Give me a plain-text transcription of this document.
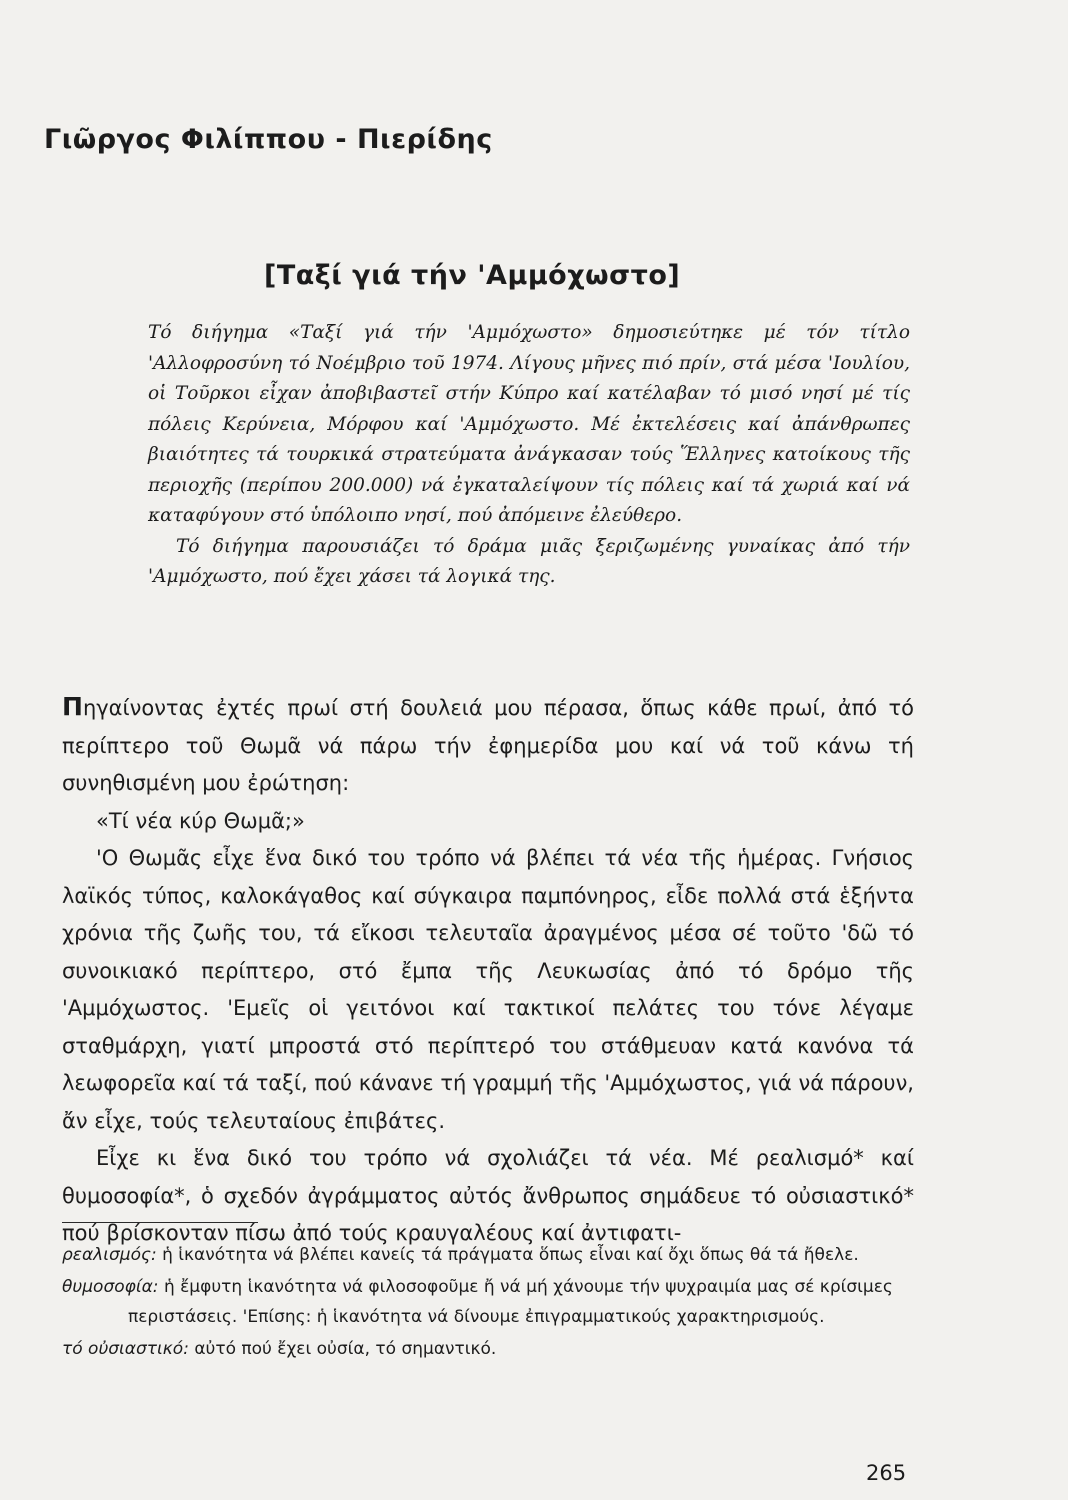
Γιῶργος Φιλίππου - Πιερίδης
[Ταξί γιά τήν 'Αμμόχωστο]

Τό διήγημα «Ταξί γιά τήν 'Αμμόχωστο» δημοσιεύτηκε μέ τόν τίτλο 'Αλλοφροσύνη τό Νοέμβριο τοῦ 1974. Λίγους μῆνες πιό πρίν, στά μέσα 'Ιουλίου, οἱ Τοῦρκοι εἶχαν ἀποβιβαστεῖ στήν Κύπρο καί κατέλαβαν τό μισό νησί μέ τίς πόλεις Κερύνεια, Μόρφου καί 'Αμμόχωστο. Μέ ἐκτελέσεις καί ἀπάνθρωπες βιαιότητες τά τουρκικά στρατεύματα ἀνάγκασαν τούς Ἕλληνες κατοίκους τῆς περιοχῆς (περίπου 200.000) νά ἐγκαταλείψουν τίς πόλεις καί τά χωριά καί νά καταφύγουν στό ὑπόλοιπο νησί, πού ἀπόμεινε ἐλεύθερο.

Τό διήγημα παρουσιάζει τό δράμα μιᾶς ξεριζωμένης γυναίκας ἀπό τήν 'Αμμόχωστο, πού ἔχει χάσει τά λογικά της.

Πηγαίνοντας ἐχτές πρωί στή δουλειά μου πέρασα, ὅπως κάθε πρωί, ἀπό τό περίπτερο τοῦ Θωμᾶ νά πάρω τήν ἐφημερίδα μου καί νά τοῦ κάνω τή συνηθισμένη μου ἐρώτηση:

«Τί νέα κύρ Θωμᾶ;»

'Ο Θωμᾶς εἶχε ἕνα δικό του τρόπο νά βλέπει τά νέα τῆς ἡμέρας. Γνήσιος λαϊκός τύπος, καλοκάγαθος καί σύγκαιρα παμπόνηρος, εἶδε πολλά στά ἑξήντα χρόνια τῆς ζωῆς του, τά εἴκοσι τελευταῖα ἀραγμένος μέσα σέ τοῦτο 'δῶ τό συνοικιακό περίπτερο, στό ἔμπα τῆς Λευκωσίας ἀπό τό δρόμο τῆς 'Αμμόχωστος. 'Εμεῖς οἱ γειτόνοι καί τακτικοί πελάτες του τόνε λέγαμε σταθμάρχη, γιατί μπροστά στό περίπτερό του στάθμευαν κατά κανόνα τά λεωφορεῖα καί τά ταξί, πού κάνανε τή γραμμή τῆς 'Αμμόχωστος, γιά νά πάρουν, ἄν εἶχε, τούς τελευταίους ἐπιβάτες.

Εἶχε κι ἕνα δικό του τρόπο νά σχολιάζει τά νέα. Μέ ρεαλισμό* καί θυμοσοφία*, ὁ σχεδόν ἀγράμματος αὐτός ἄνθρωπος σημάδευε τό οὐσιαστικό* πού βρίσκονταν πίσω ἀπό τούς κραυγαλέους καί ἀντιφατι-

ρεαλισμός: ἡ ἱκανότητα νά βλέπει κανείς τά πράγματα ὅπως εἶναι καί ὄχι ὅπως θά τά ἤθελε.

θυμοσοφία: ἡ ἔμφυτη ἱκανότητα νά φιλοσοφοῦμε ἤ νά μή χάνουμε τήν ψυχραιμία μας σέ κρίσιμες περιστάσεις. 'Επίσης: ἡ ἱκανότητα νά δίνουμε ἐπιγραμματικούς χαρακτηρισμούς.

τό οὐσιαστικό: αὐτό πού ἔχει οὐσία, τό σημαντικό.

265
